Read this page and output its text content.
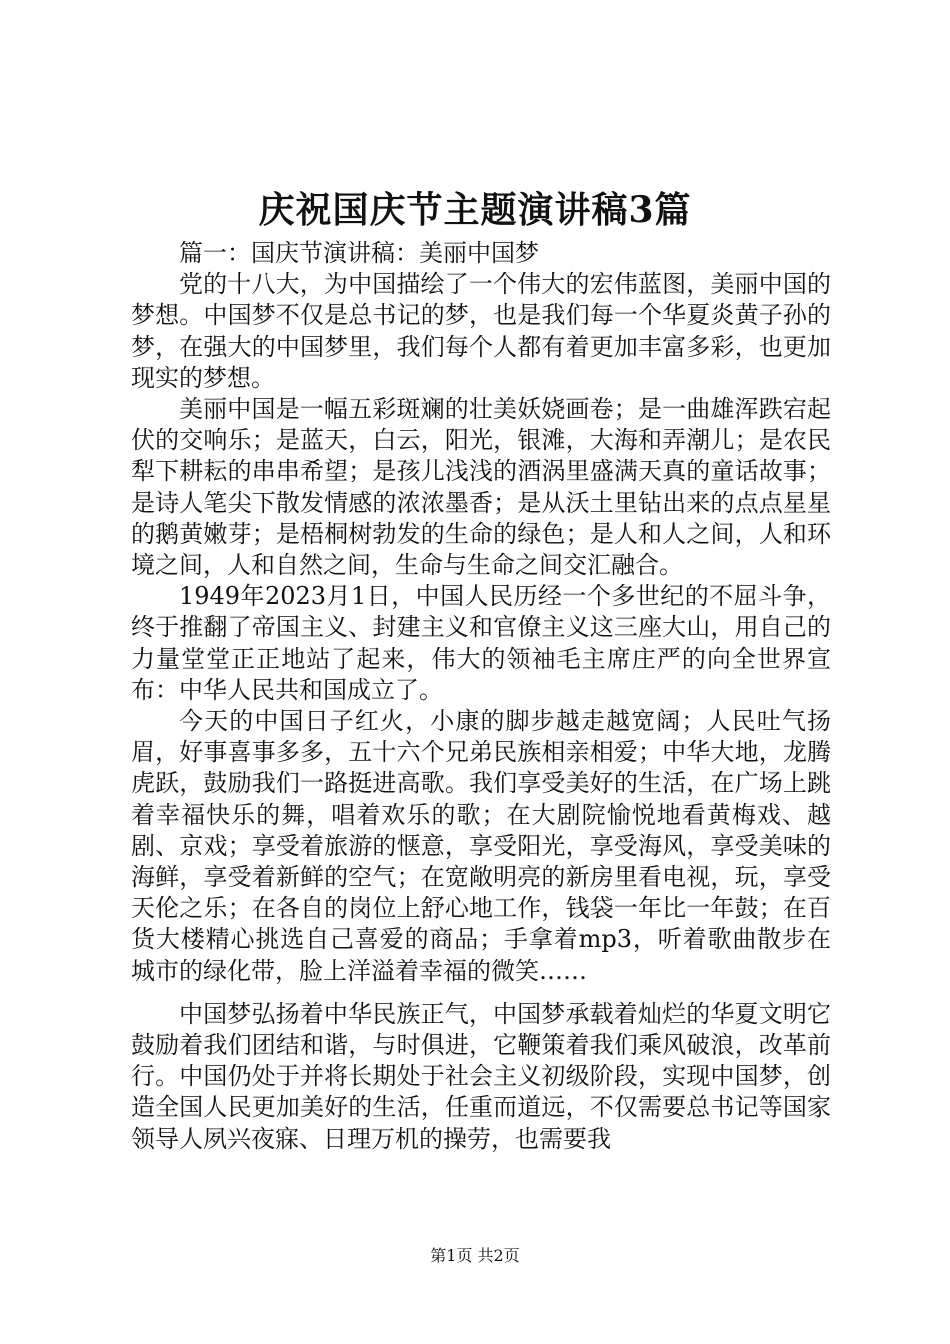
庆祝国庆节主题演讲稿3篇

篇一：国庆节演讲稿：美丽中国梦

党的十八大，为中国描绘了一个伟大的宏伟蓝图，美丽中国的梦想。中国梦不仅是总书记的梦，也是我们每一个华夏炎黄子孙的梦，在强大的中国梦里，我们每个人都有着更加丰富多彩，也更加现实的梦想。

美丽中国是一幅五彩斑斓的壮美妖娆画卷；是一曲雄浑跌宕起伏的交响乐；是蓝天，白云，阳光，银滩，大海和弄潮儿；是农民犁下耕耘的串串希望；是孩儿浅浅的酒涡里盛满天真的童话故事；是诗人笔尖下散发情感的浓浓墨香；是从沃土里钻出来的点点星星的鹅黄嫩芽；是梧桐树勃发的生命的绿色；是人和人之间，人和环境之间，人和自然之间，生命与生命之间交汇融合。

1949年2023月1日，中国人民历经一个多世纪的不屈斗争，终于推翻了帝国主义、封建主义和官僚主义这三座大山，用自己的力量堂堂正正地站了起来，伟大的领袖毛主席庄严的向全世界宣布：中华人民共和国成立了。

今天的中国日子红火，小康的脚步越走越宽阔；人民吐气扬眉，好事喜事多多，五十六个兄弟民族相亲相爱；中华大地，龙腾虎跃，鼓励我们一路挺进高歌。我们享受美好的生活，在广场上跳着幸福快乐的舞，唱着欢乐的歌；在大剧院愉悦地看黄梅戏、越剧、京戏；享受着旅游的惬意，享受阳光，享受海风，享受美味的海鲜，享受着新鲜的空气；在宽敞明亮的新房里看电视，玩，享受天伦之乐；在各自的岗位上舒心地工作，钱袋一年比一年鼓；在百货大楼精心挑选自己喜爱的商品；手拿着mp3，听着歌曲散步在城市的绿化带，脸上洋溢着幸福的微笑……

中国梦弘扬着中华民族正气，中国梦承载着灿烂的华夏文明它鼓励着我们团结和谐，与时俱进，它鞭策着我们乘风破浪，改革前行。中国仍处于并将长期处于社会主义初级阶段，实现中国梦，创造全国人民更加美好的生活，任重而道远，不仅需要总书记等国家领导人夙兴夜寐、日理万机的操劳，也需要我

第1页 共2页
